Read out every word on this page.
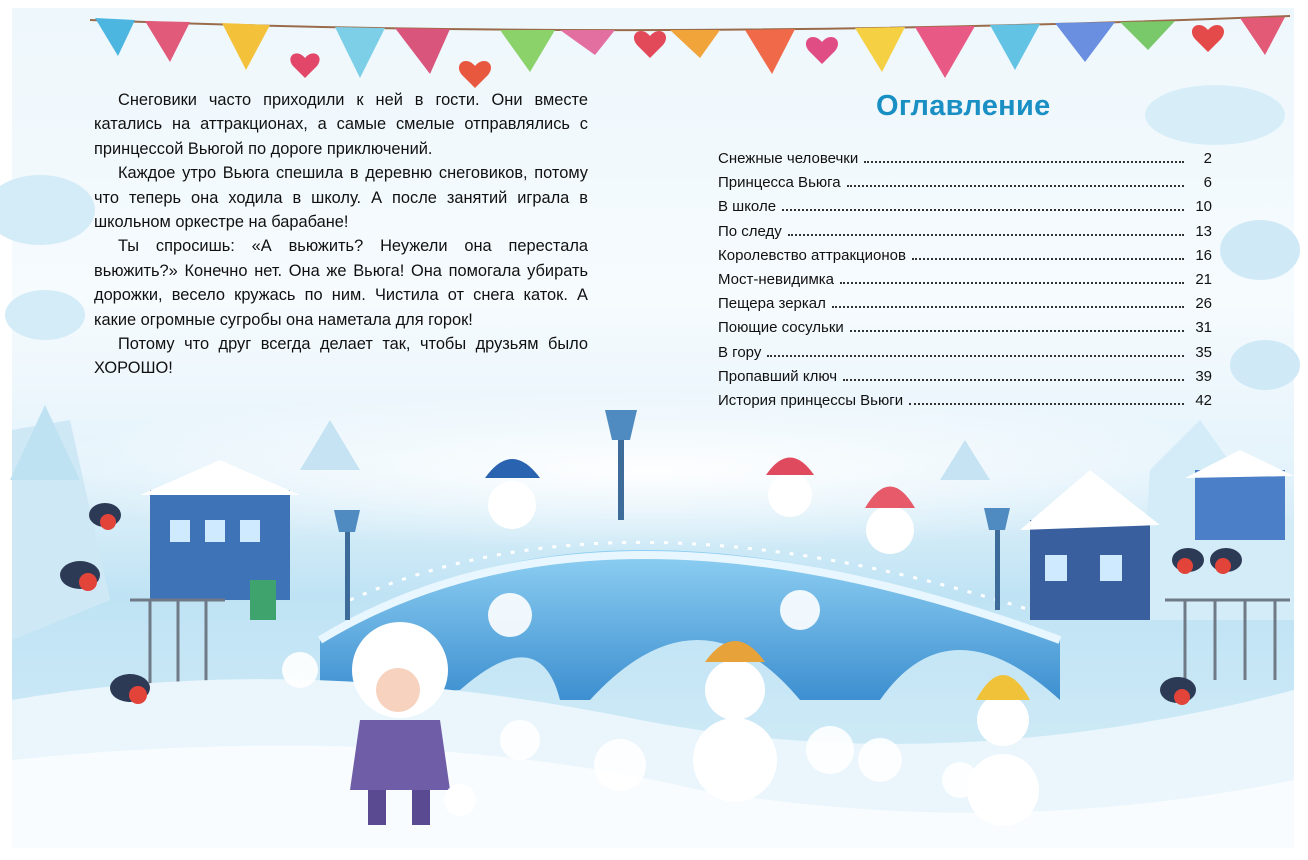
Снеговики часто приходили к ней в гости. Они вместе катались на аттракционах, а самые смелые отправлялись с принцессой Вьюгой по дороге приключений.

Каждое утро Вьюга спешила в деревню снеговиков, потому что теперь она ходила в школу. А после занятий играла в школьном оркестре на барабане!

Ты спросишь: «А вьюжить? Неужели она перестала вьюжить?» Конечно нет. Она же Вьюга! Она помогала убирать дорожки, весело кружась по ним. Чистила от снега каток. А какие огромные сугробы она наметала для горок!

Потому что друг всегда делает так, чтобы друзьям было ХОРОШО!

Оглавление
Снежные человечки	2
Принцесса Вьюга	6
В школе	10
По следу	13
Королевство аттракционов	16
Мост-невидимка	21
Пещера зеркал	26
Поющие сосульки	31
В гору	35
Пропавший ключ	39
История принцессы Вьюги	42
